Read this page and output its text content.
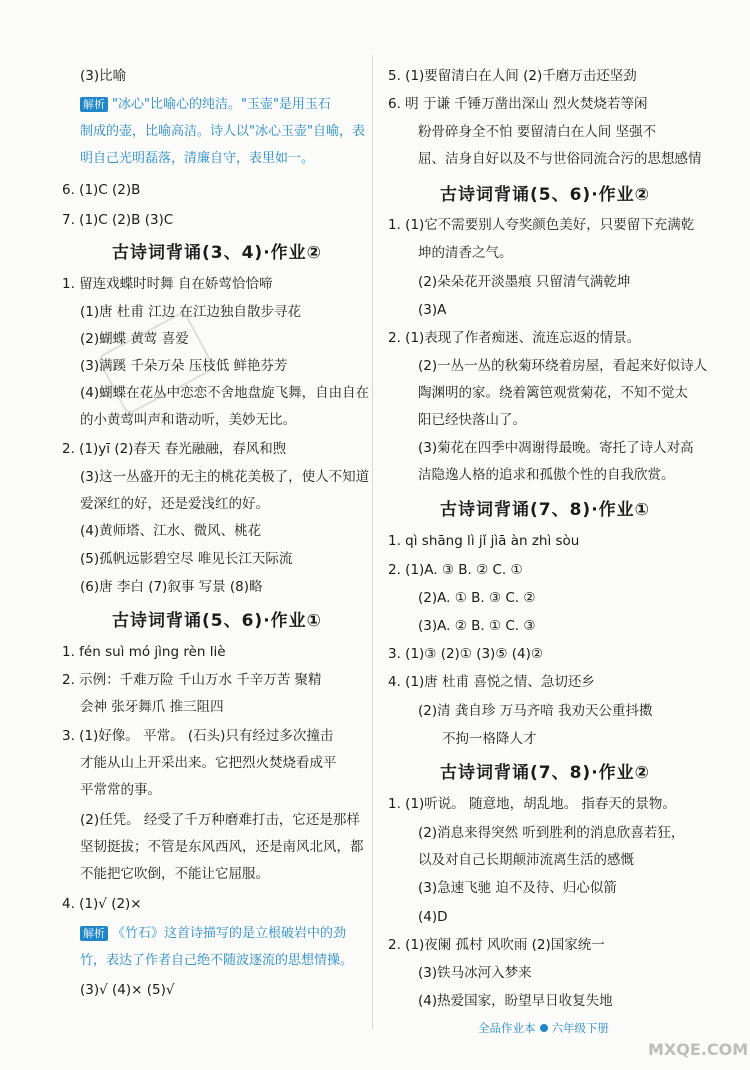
(3)比喻
解析 "冰心"比喻心的纯洁。"玉壶"是用玉石
制成的壶，比喻高洁。诗人以"冰心玉壶"自喻，表
明自己光明磊落，清廉自守，表里如一。
6. (1)C (2)B
7. (1)C (2)B (3)C
古诗词背诵(3、4)·作业②
1. 留连戏蝶时时舞 自在娇莺恰恰啼
(1)唐 杜甫 江边 在江边独自散步寻花
(2)蝴蝶 黄莺 喜爱
(3)满蹊 千朵万朵 压枝低 鲜艳芬芳
(4)蝴蝶在花丛中恋恋不舍地盘旋飞舞，自由自在
的小黄莺叫声和谐动听，美妙无比。
2. (1)yī (2)春天 春光融融，春风和煦
(3)这一丛盛开的无主的桃花美极了，使人不知道
爱深红的好，还是爱浅红的好。
(4)黄师塔、江水、微风、桃花
(5)孤帆远影碧空尽 唯见长江天际流
(6)唐 李白 (7)叙事 写景 (8)略
古诗词背诵(5、6)·作业①
1. fén suì mó jìng rèn liè
2. 示例：千难万险 千山万水 千辛万苦 聚精
会神 张牙舞爪 推三阻四
3. (1)好像。 平常。 (石头)只有经过多次撞击
才能从山上开采出来。它把烈火焚烧看成平
平常常的事。
(2)任凭。 经受了千万种磨难打击，它还是那样
坚韧挺拔；不管是东风西风，还是南风北风，都
不能把它吹倒，不能让它屈服。
4. (1)√ (2)×
解析 《竹石》这首诗描写的是立根破岩中的劲
竹，表达了作者自己绝不随波逐流的思想情操。
(3)√ (4)× (5)√
5. (1)要留清白在人间 (2)千磨万击还坚劲
6. 明 于谦 千锤万凿出深山 烈火焚烧若等闲
粉骨碎身全不怕 要留清白在人间 坚强不
屈、洁身自好以及不与世俗同流合污的思想感情
古诗词背诵(5、6)·作业②
1. (1)它不需要别人夸奖颜色美好，只要留下充满乾
坤的清香之气。
(2)朵朵花开淡墨痕 只留清气满乾坤
(3)A
2. (1)表现了作者痴迷、流连忘返的情景。
(2)一丛一丛的秋菊环绕着房屋，看起来好似诗人
陶渊明的家。绕着篱笆观赏菊花，不知不觉太
阳已经快落山了。
(3)菊花在四季中凋谢得最晚。寄托了诗人对高
洁隐逸人格的追求和孤傲个性的自我欣赏。
古诗词背诵(7、8)·作业①
1. qì shāng lì jǐ jìā àn zhì sòu
2. (1)A. ③ B. ② C. ①
(2)A. ① B. ③ C. ②
(3)A. ② B. ① C. ③
3. (1)③ (2)① (3)⑤ (4)②
4. (1)唐 杜甫 喜悦之情、急切还乡
(2)清 龚自珍 万马齐喑 我劝天公重抖擞
不拘一格降人才
古诗词背诵(7、8)·作业②
1. (1)听说。 随意地，胡乱地。 指春天的景物。
(2)消息来得突然 听到胜利的消息欣喜若狂，
以及对自己长期颠沛流离生活的感慨
(3)急速飞驰 迫不及待、归心似箭
(4)D
2. (1)夜阑 孤村 风吹雨 (2)国家统一
(3)铁马冰河入梦来
(4)热爱国家，盼望早日收复失地
全品作业本 六年级下册
MXQE.COM
